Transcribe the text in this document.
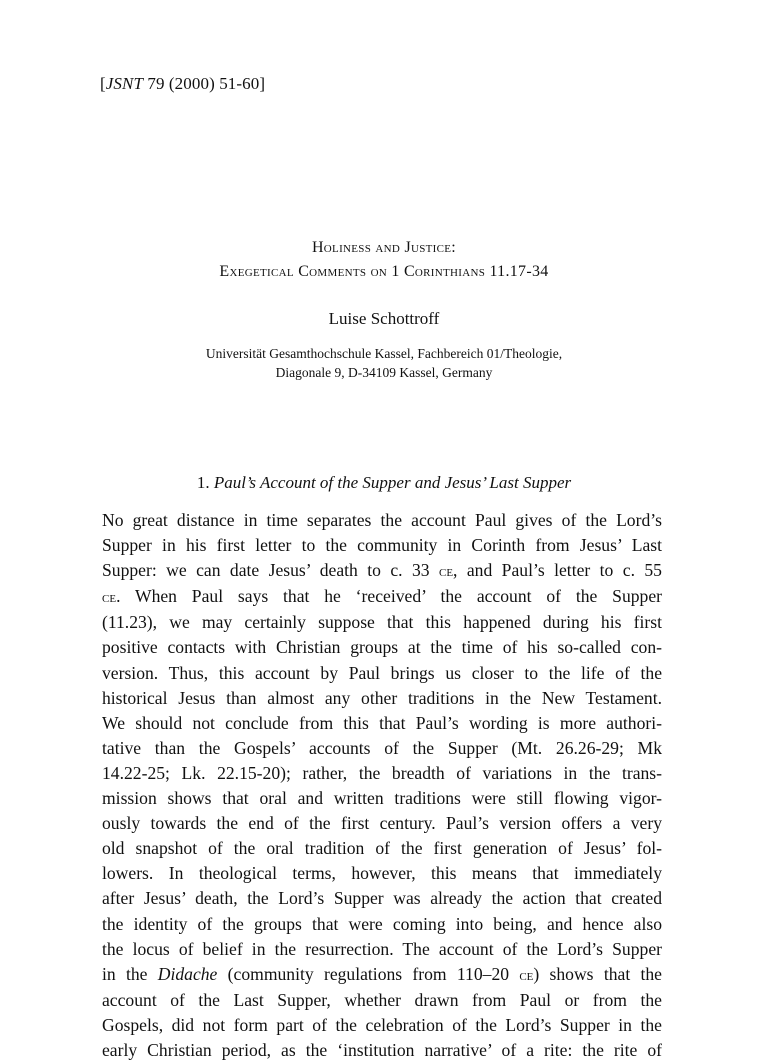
[JSNT 79 (2000) 51-60]
Holiness and Justice:
Exegetical Comments on 1 Corinthians 11.17-34
Luise Schottroff
Universität Gesamthochschule Kassel, Fachbereich 01/Theologie,
Diagonale 9, D-34109 Kassel, Germany
1. Paul’s Account of the Supper and Jesus’ Last Supper
No great distance in time separates the account Paul gives of the Lord’s
Supper in his first letter to the community in Corinth from Jesus’ Last
Supper: we can date Jesus’ death to c. 33 ce, and Paul’s letter to c. 55
ce. When Paul says that he ‘received’ the account of the Supper
(11.23), we may certainly suppose that this happened during his first
positive contacts with Christian groups at the time of his so-called con-
version. Thus, this account by Paul brings us closer to the life of the
historical Jesus than almost any other traditions in the New Testament.
We should not conclude from this that Paul’s wording is more authori-
tative than the Gospels’ accounts of the Supper (Mt. 26.26-29; Mk
14.22-25; Lk. 22.15-20); rather, the breadth of variations in the trans-
mission shows that oral and written traditions were still flowing vigor-
ously towards the end of the first century. Paul’s version offers a very
old snapshot of the oral tradition of the first generation of Jesus’ fol-
lowers. In theological terms, however, this means that immediately
after Jesus’ death, the Lord’s Supper was already the action that created
the identity of the groups that were coming into being, and hence also
the locus of belief in the resurrection. The account of the Lord’s Supper
in the Didache (community regulations from 110–20 ce) shows that the
account of the Last Supper, whether drawn from Paul or from the
Gospels, did not form part of the celebration of the Lord’s Supper in the
early Christian period, as the ‘institution narrative’ of a rite: the rite of
